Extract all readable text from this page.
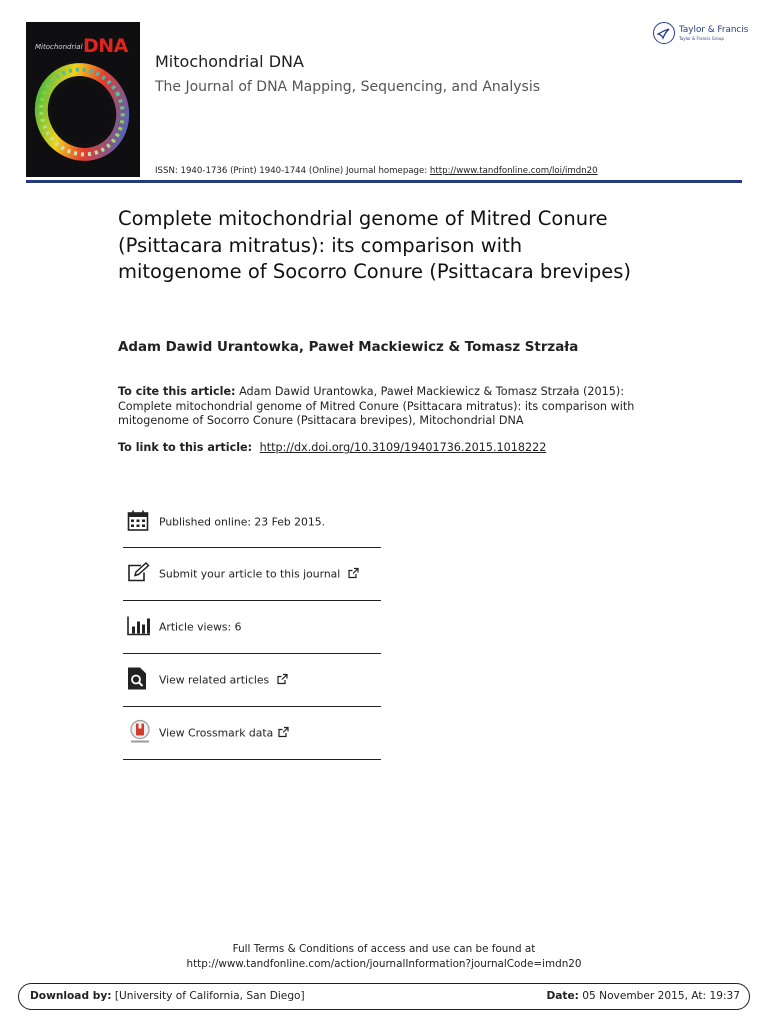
Mitochondrial DNA
Mitochondrial DNA
The Journal of DNA Mapping, Sequencing, and Analysis
ISSN: 1940-1736 (Print) 1940-1744 (Online) Journal homepage: http://www.tandfonline.com/loi/imdn20
Taylor & Francis
Taylor & Francis Group
Complete mitochondrial genome of Mitred Conure (Psittacara mitratus): its comparison with mitogenome of Socorro Conure (Psittacara brevipes)
Adam Dawid Urantowka, Paweł Mackiewicz & Tomasz Strzała
To cite this article: Adam Dawid Urantowka, Paweł Mackiewicz & Tomasz Strzała (2015): Complete mitochondrial genome of Mitred Conure (Psittacara mitratus): its comparison with mitogenome of Socorro Conure (Psittacara brevipes), Mitochondrial DNA
To link to this article: http://dx.doi.org/10.3109/19401736.2015.1018222
Published online: 23 Feb 2015.
Submit your article to this journal
Article views: 6
View related articles
View Crossmark data
Full Terms & Conditions of access and use can be found at
http://www.tandfonline.com/action/journalInformation?journalCode=imdn20
Download by: [University of California, San Diego]	Date: 05 November 2015, At: 19:37
